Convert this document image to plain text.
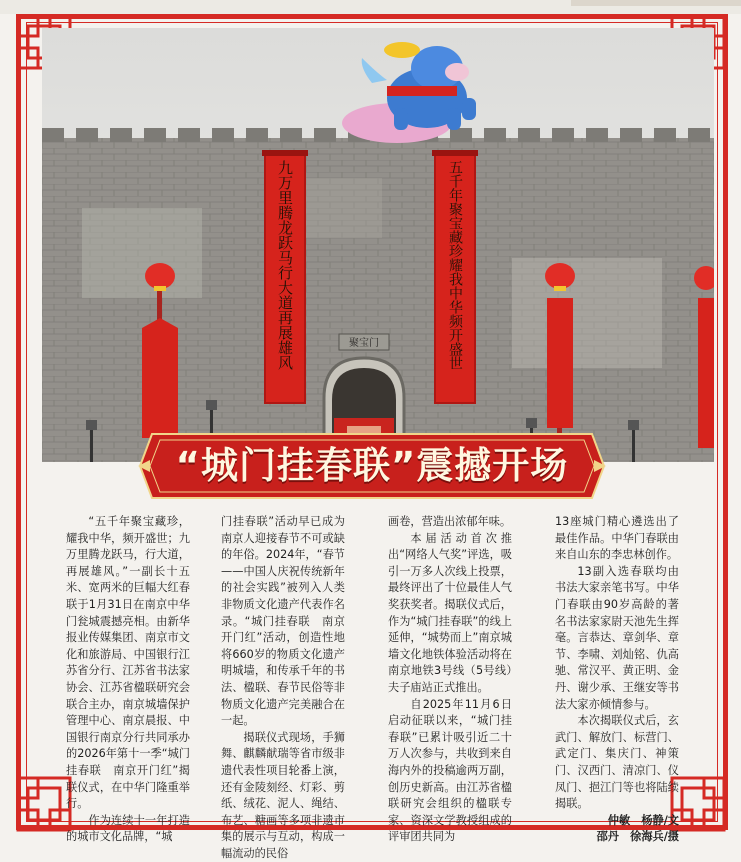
聚宝门
九万里腾龙跃马行大道再展雄风	五千年聚宝藏珍耀我中华频开盛世
“城门挂春联”震撼开场

“五千年聚宝藏珍，耀我中华，频开盛世；九万里腾龙跃马，行大道，再展雄风。”一副长十五米、宽两米的巨幅大红春联于1月31日在南京中华门瓮城震撼亮相。由新华报业传媒集团、南京市文化和旅游局、中国银行江苏省分行、江苏省书法家协会、江苏省楹联研究会联合主办，南京城墙保护管理中心、南京晨报、中国银行南京分行共同承办的2026年第十一季“城门挂春联　南京开门红”揭联仪式，在中华门隆重举行。

作为连续十一年打造的城市文化品牌，“城

门挂春联”活动早已成为南京人迎接春节不可或缺的年俗。2024年，“春节——中国人庆祝传统新年的社会实践”被列入人类非物质文化遗产代表作名录。“城门挂春联　南京开门红”活动，创造性地将660岁的物质文化遗产明城墙，和传承千年的书法、楹联、春节民俗等非物质文化遗产完美融合在一起。

揭联仪式现场，手狮舞、麒麟献瑞等省市级非遗代表性项目轮番上演，还有金陵刻经、灯彩、剪纸、绒花、泥人、绳结、布艺、糖画等多项非遗市集的展示与互动，构成一幅流动的民俗

画卷，营造出浓郁年味。

本届活动首次推出“网络人气奖”评选，吸引一万多人次线上投票，最终评出了十位最佳人气奖获奖者。揭联仪式后，作为“城门挂春联”的线上延伸，“城势而上”南京城墙文化地铁体验活动将在南京地铁3号线（5号线）夫子庙站正式推出。

自2025年11月6日启动征联以来，“城门挂春联”已累计吸引近二十万人次参与，共收到来自海内外的投稿逾两万副，创历史新高。由江苏省楹联研究会组织的楹联专家、资深文学教授组成的评审团共同为

13座城门精心遴选出了最佳作品。中华门春联由来自山东的李忠林创作。

13副入选春联均由书法大家亲笔书写。中华门春联由90岁高龄的著名书法家家尉天池先生挥毫。言恭达、章剑华、章节、李啸、刘灿铭、仇高驰、常汉平、黄正明、金丹、谢少承、王继安等书法大家亦倾情参与。

本次揭联仪式后，玄武门、解放门、标营门、武定门、集庆门、神策门、汉西门、清凉门、仪凤门、挹江门等也将陆续揭联。

仲敏　杨静/文

邵丹　徐海兵/摄
